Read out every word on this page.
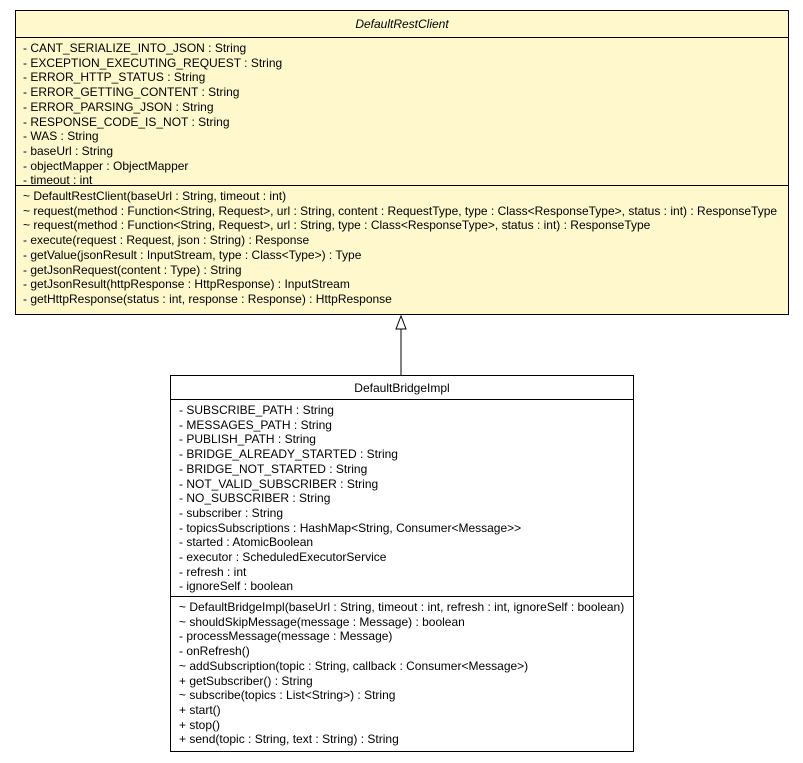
DefaultRestClient
- CANT_SERIALIZE_INTO_JSON : String
- EXCEPTION_EXECUTING_REQUEST : String
- ERROR_HTTP_STATUS : String
- ERROR_GETTING_CONTENT : String
- ERROR_PARSING_JSON : String
- RESPONSE_CODE_IS_NOT : String
- WAS : String
- baseUrl : String
- objectMapper : ObjectMapper
- timeout : int
~ DefaultRestClient(baseUrl : String, timeout : int)
~ request(method : Function<String, Request>, url : String, content : RequestType, type : Class<ResponseType>, status : int) : ResponseType
~ request(method : Function<String, Request>, url : String, type : Class<ResponseType>, status : int) : ResponseType
- execute(request : Request, json : String) : Response
- getValue(jsonResult : InputStream, type : Class<Type>) : Type
- getJsonRequest(content : Type) : String
- getJsonResult(httpResponse : HttpResponse) : InputStream
- getHttpResponse(status : int, response : Response) : HttpResponse
DefaultBridgeImpl
- SUBSCRIBE_PATH : String
- MESSAGES_PATH : String
- PUBLISH_PATH : String
- BRIDGE_ALREADY_STARTED : String
- BRIDGE_NOT_STARTED : String
- NOT_VALID_SUBSCRIBER : String
- NO_SUBSCRIBER : String
- subscriber : String
- topicsSubscriptions : HashMap<String, Consumer<Message>>
- started : AtomicBoolean
- executor : ScheduledExecutorService
- refresh : int
- ignoreSelf : boolean
~ DefaultBridgeImpl(baseUrl : String, timeout : int, refresh : int, ignoreSelf : boolean)
~ shouldSkipMessage(message : Message) : boolean
- processMessage(message : Message)
- onRefresh()
~ addSubscription(topic : String, callback : Consumer<Message>)
+ getSubscriber() : String
~ subscribe(topics : List<String>) : String
+ start()
+ stop()
+ send(topic : String, text : String) : String
